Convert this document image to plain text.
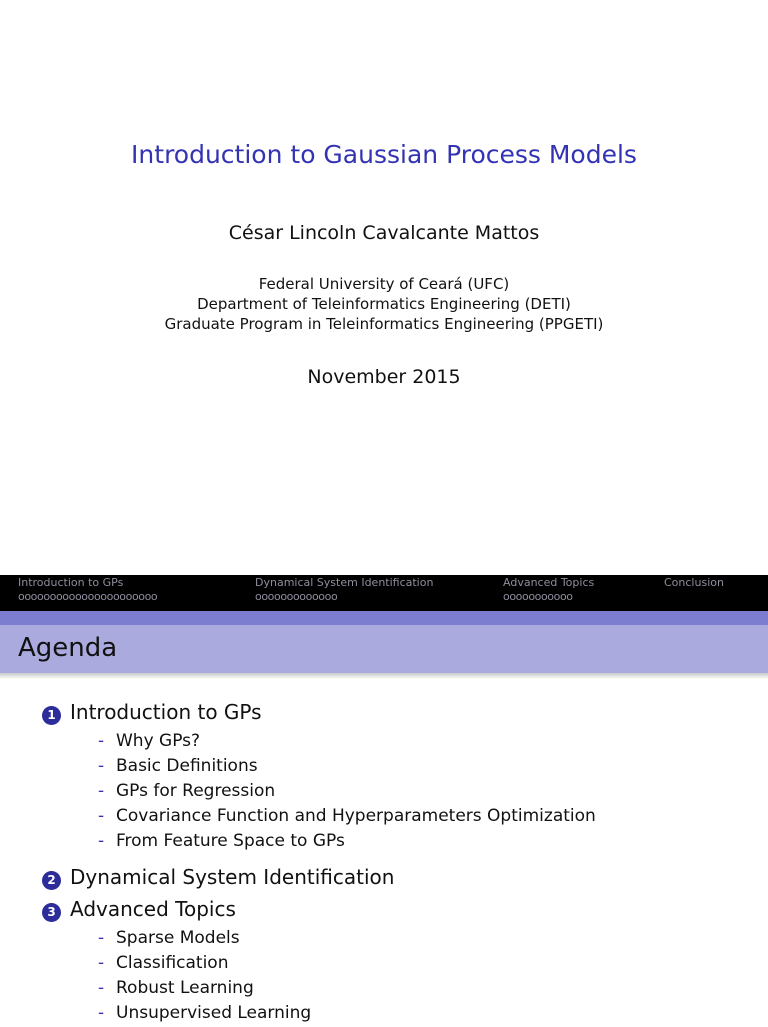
Introduction to Gaussian Process Models
César Lincoln Cavalcante Mattos
Federal University of Ceará (UFC)
Department of Teleinformatics Engineering (DETI)
Graduate Program in Teleinformatics Engineering (PPGETI)
November 2015
Introduction to GPs
oooooooooooooooooooooo
Dynamical System Identification
ooooooooooooo
Advanced Topics
ooooooooooo
Conclusion
Agenda
1 Introduction to GPs
- Why GPs?
- Basic Definitions
- GPs for Regression
- Covariance Function and Hyperparameters Optimization
- From Feature Space to GPs
2 Dynamical System Identification
3 Advanced Topics
- Sparse Models
- Classification
- Robust Learning
- Unsupervised Learning
